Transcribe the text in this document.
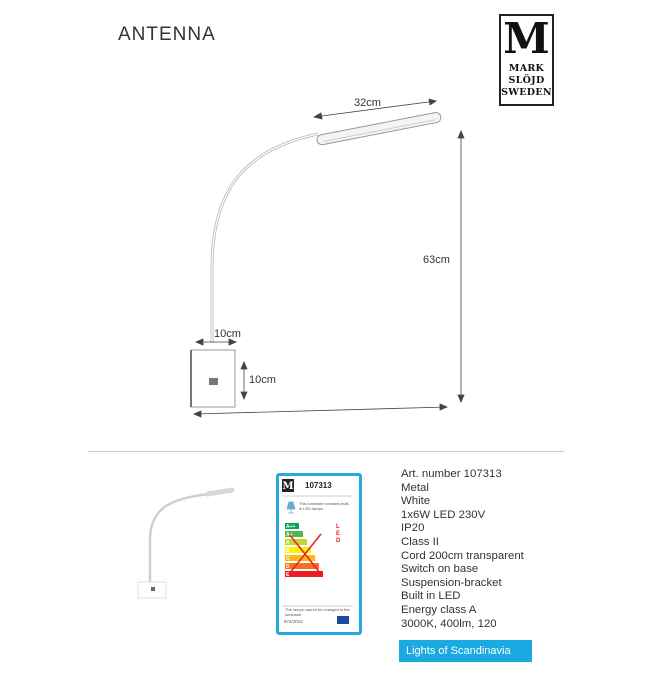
ANTENNA	M
MARK
SLÖJD
SWEDEN
32cm
63cm
10cm
10cm
M 107313
This luminaire contains built-in LED lamps.
A++
A+
A
B
C
D
E
LED
The lamps cannot be changed in the luminaire.
874/2012
Art. number 107313
Metal
White
1x6W LED 230V
IP20
Class II
Cord 200cm transparent
Switch on base
Suspension-bracket
Built in LED
Energy class A
3000K, 400lm, 120
Lights of Scandinavia
